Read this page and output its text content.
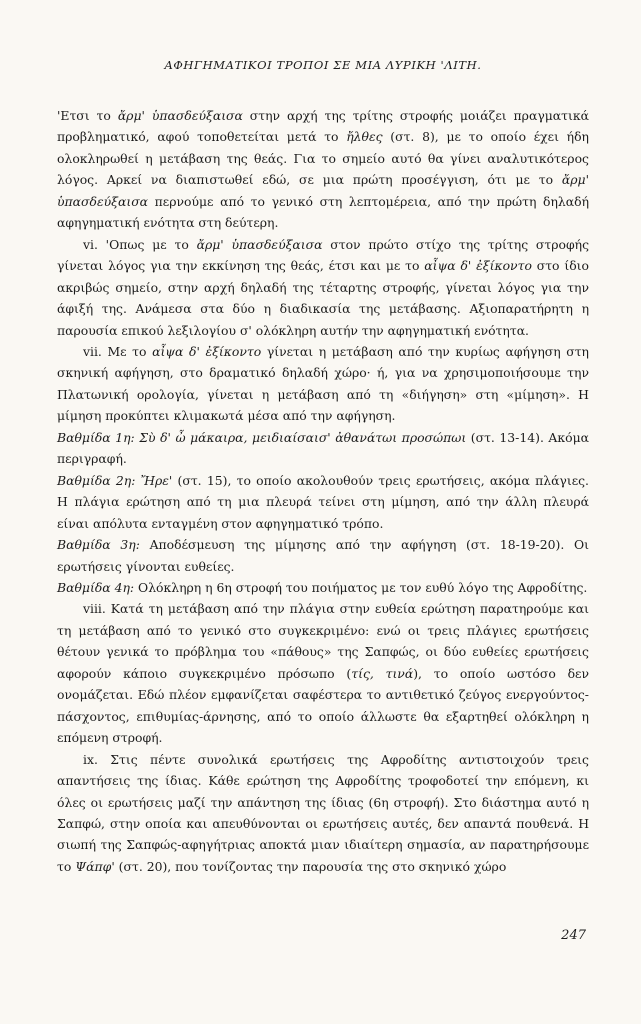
ΑΦΗΓΗΜΑΤΙΚΟΙ ΤΡΟΠΟΙ ΣΕ ΜΙΑ ΛΥΡΙΚΗ 'ΛΙΤΗ.

'Ετσι το ἄρμ' ὑπασδεύξαισα στην αρχή της τρίτης στροφής μοιάζει πραγματικά προβληματικό, αφού τοποθετείται μετά το ἤλθες (στ. 8), με το οποίο έχει ήδη ολοκληρωθεί η μετάβαση της θεάς. Για το σημείο αυτό θα γίνει αναλυτικότερος λόγος. Αρκεί να διαπιστωθεί εδώ, σε μια πρώτη προσέγγιση, ότι με το ἄρμ' ὑπασδεύξαισα περνούμε από το γενικό στη λεπτομέρεια, από την πρώτη δηλαδή αφηγηματική ενότητα στη δεύτερη.

vi. 'Οπως με το ἄρμ' ὑπασδεύξαισα στον πρώτο στίχο της τρίτης στροφής γίνεται λόγος για την εκκίνηση της θεάς, έτσι και με το αἶψα δ' ἐξίκοντο στο ίδιο ακριβώς σημείο, στην αρχή δηλαδή της τέταρτης στροφής, γίνεται λόγος για την άφιξή της. Ανάμεσα στα δύο η διαδικασία της μετάβασης. Αξιοπαρατήρητη η παρουσία επικού λεξιλογίου σ' ολόκληρη αυτήν την αφηγηματική ενότητα.

vii. Με το αἶψα δ' ἐξίκοντο γίνεται η μετάβαση από την κυρίως αφήγηση στη σκηνική αφήγηση, στο δραματικό δηλαδή χώρο· ή, για να χρησιμοποιήσουμε την Πλατωνική ορολογία, γίνεται η μετάβαση από τη «διήγηση» στη «μίμηση». Η μίμηση προκύπτει κλιμακωτά μέσα από την αφήγηση.

Βαθμίδα 1η: Σὺ δ' ὦ μάκαιρα, μειδιαίσαισ' ἀθανάτωι προσώπωι (στ. 13-14). Ακόμα περιγραφή.

Βαθμίδα 2η: Ἤρε' (στ. 15), το οποίο ακολουθούν τρεις ερωτήσεις, ακόμα πλάγιες. Η πλάγια ερώτηση από τη μια πλευρά τείνει στη μίμηση, από την άλλη πλευρά είναι απόλυτα ενταγμένη στον αφηγηματικό τρόπο.

Βαθμίδα 3η: Αποδέσμευση της μίμησης από την αφήγηση (στ. 18-19-20). Οι ερωτήσεις γίνονται ευθείες.

Βαθμίδα 4η: Ολόκληρη η 6η στροφή του ποιήματος με τον ευθύ λόγο της Αφροδίτης.

viii. Κατά τη μετάβαση από την πλάγια στην ευθεία ερώτηση παρατηρούμε και τη μετάβαση από το γενικό στο συγκεκριμένο: ενώ οι τρεις πλάγιες ερωτήσεις θέτουν γενικά το πρόβλημα του «πάθους» της Σαπφώς, οι δύο ευθείες ερωτήσεις αφορούν κάποιο συγκεκριμένο πρόσωπο (τίς, τινά), το οποίο ωστόσο δεν ονομάζεται. Εδώ πλέον εμφανίζεται σαφέστερα το αντιθετικό ζεύγος ενεργούντος-πάσχοντος, επιθυμίας-άρνησης, από το οποίο άλλωστε θα εξαρτηθεί ολόκληρη η επόμενη στροφή.

ix. Στις πέντε συνολικά ερωτήσεις της Αφροδίτης αντιστοιχούν τρεις απαντήσεις της ίδιας. Κάθε ερώτηση της Αφροδίτης τροφοδοτεί την επόμενη, κι όλες οι ερωτήσεις μαζί την απάντηση της ίδιας (6η στροφή). Στο διάστημα αυτό η Σαπφώ, στην οποία και απευθύνονται οι ερωτήσεις αυτές, δεν απαντά πουθενά. Η σιωπή της Σαπφώς-αφηγήτριας αποκτά μιαν ιδιαίτερη σημασία, αν παρατηρήσουμε το Ψάπφ' (στ. 20), που τονίζοντας την παρουσία της στο σκηνικό χώρο

247
